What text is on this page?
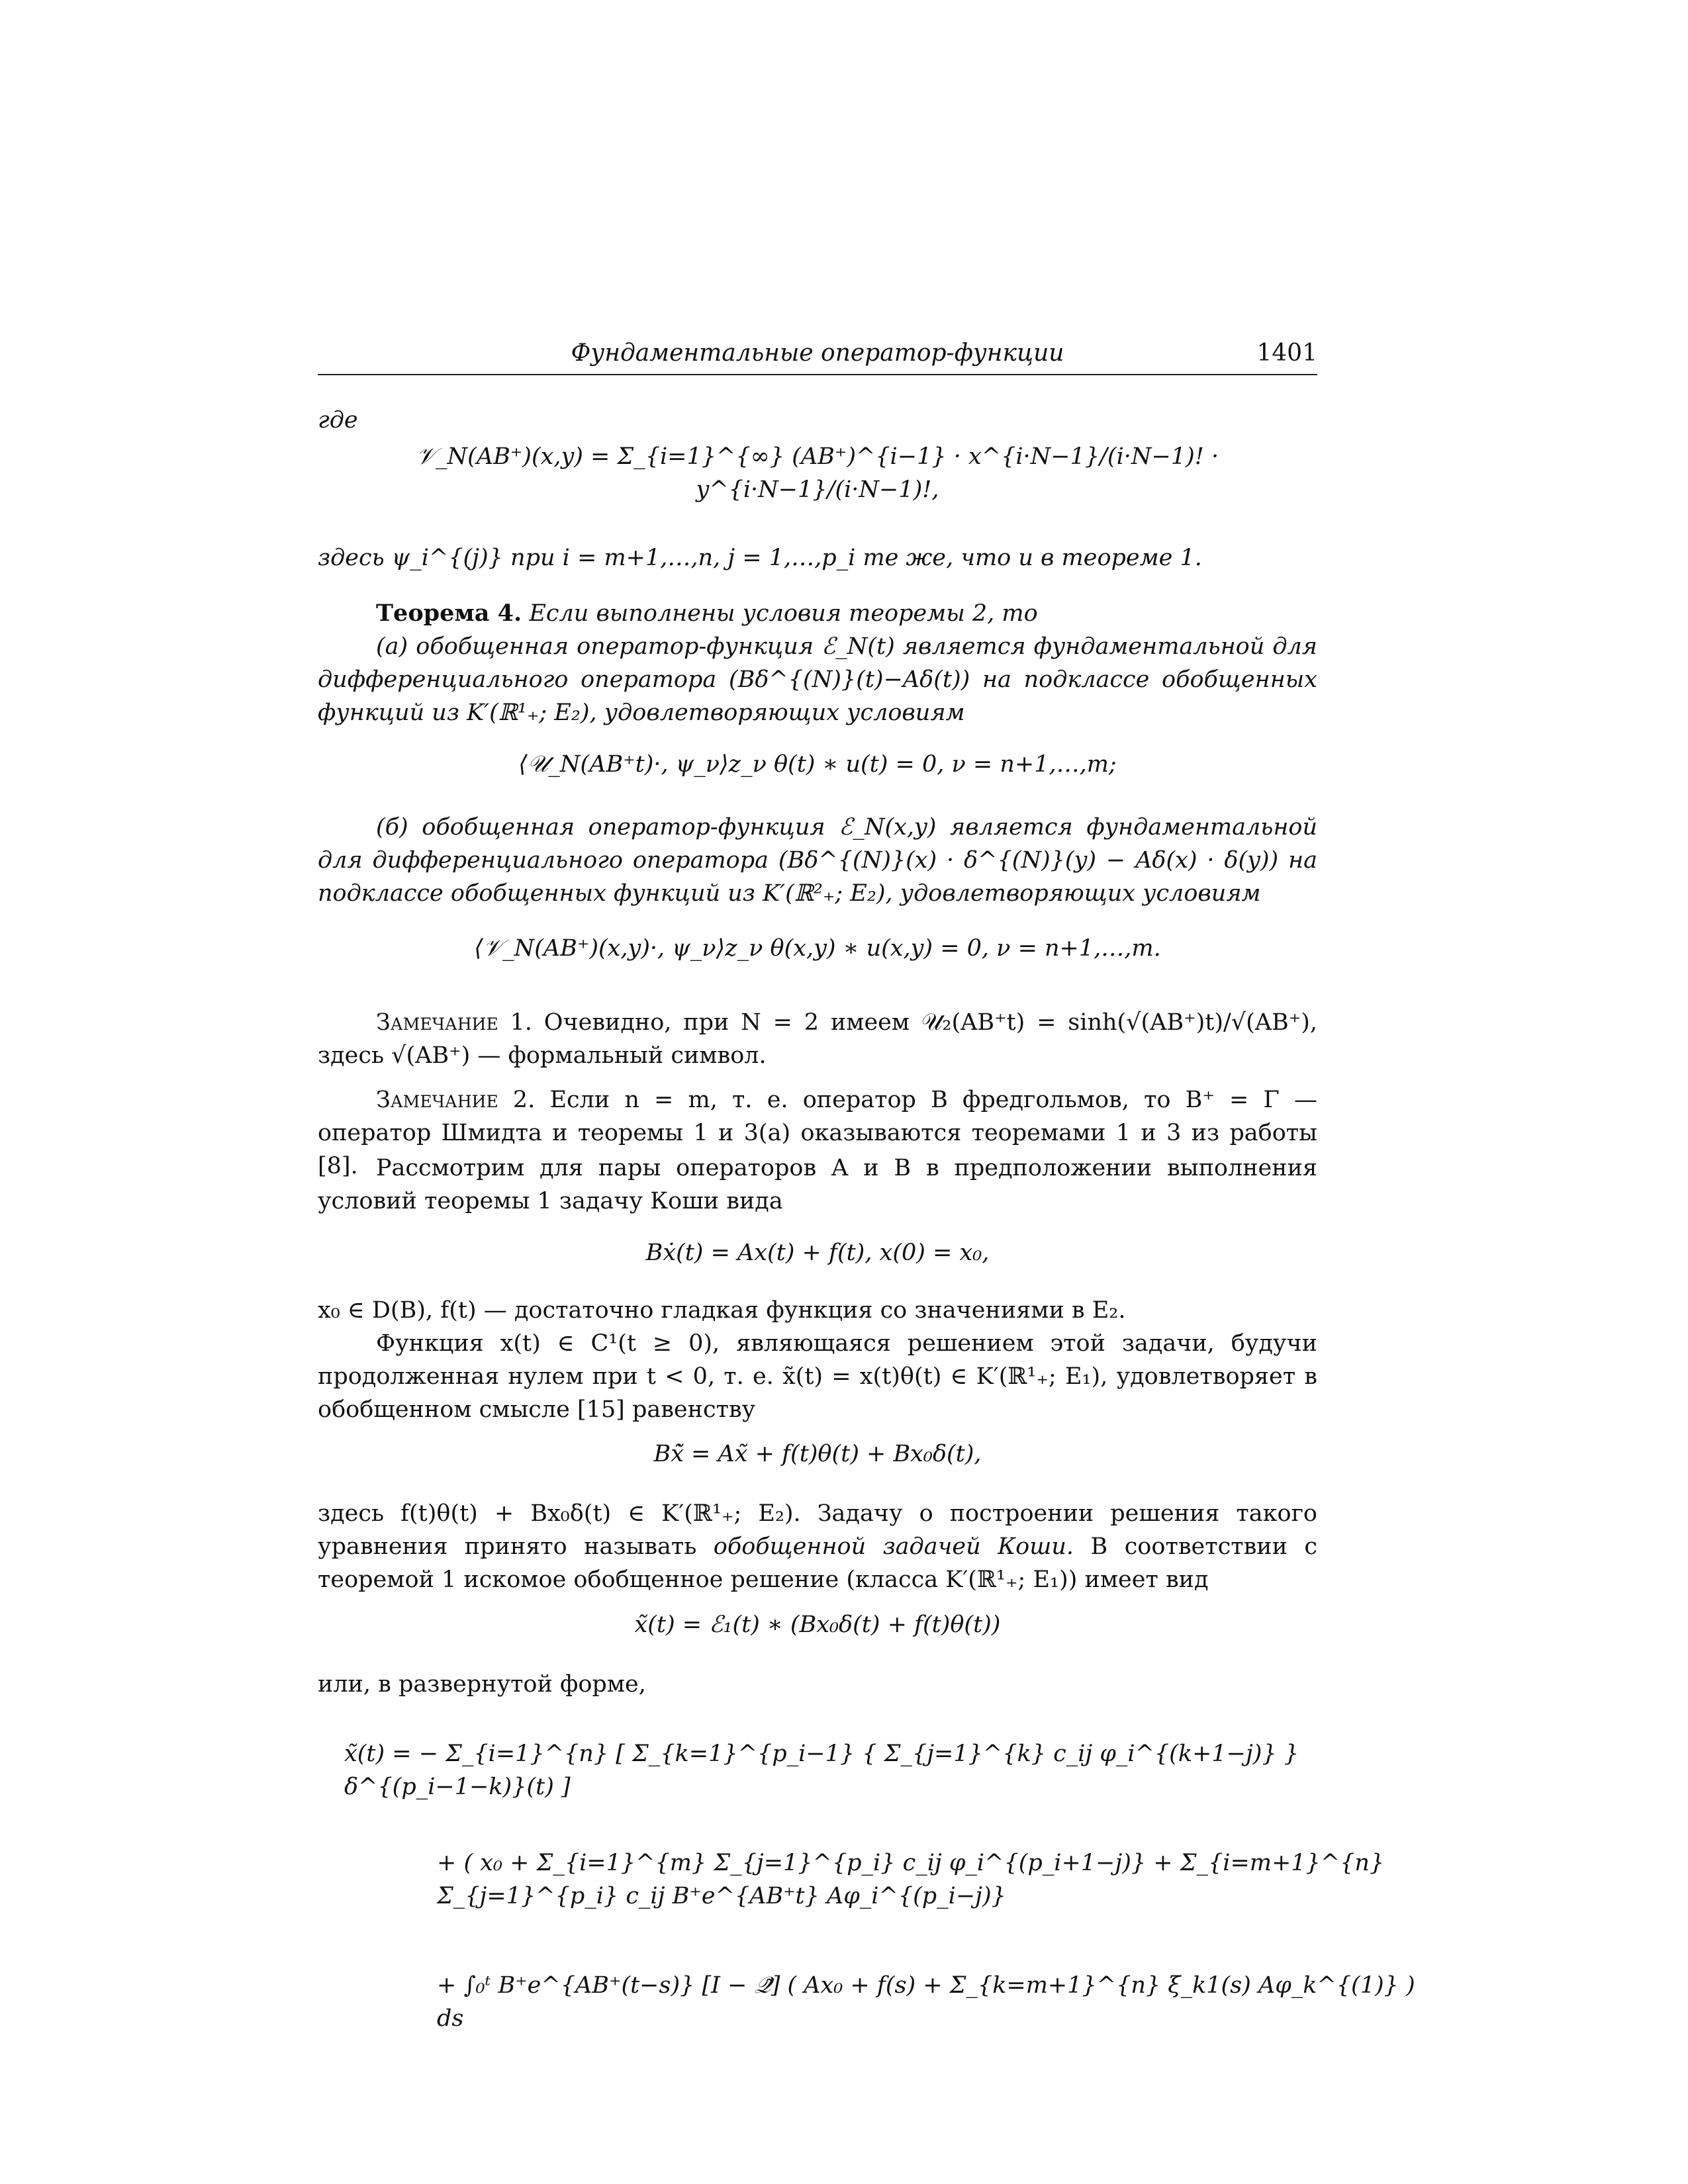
Фундаментальные оператор-функции	1401
где
𝒱_N(AB⁺)(x,y) = Σ_{i=1}^{∞} (AB⁺)^{i−1} · x^{i·N−1}/(i·N−1)! · y^{i·N−1}/(i·N−1)!,
здесь ψ_i^{(j)} при i = m+1,…,n, j = 1,…,p_i те же, что и в теореме 1.
Теорема 4. Если выполнены условия теоремы 2, то
(а) обобщенная оператор-функция ℰ_N(t) является фундаментальной для дифференциального оператора (Bδ^{(N)}(t)−Aδ(t)) на подклассе обобщенных функций из K′(ℝ¹₊; E₂), удовлетворяющих условиям
⟨𝒰_N(AB⁺t)·, ψ_ν⟩z_ν θ(t) ∗ u(t) = 0, ν = n+1,…,m;
(б) обобщенная оператор-функция ℰ_N(x,y) является фундаментальной для дифференциального оператора (Bδ^{(N)}(x) · δ^{(N)}(y) − Aδ(x) · δ(y)) на подклассе обобщенных функций из K′(ℝ²₊; E₂), удовлетворяющих условиям
⟨𝒱_N(AB⁺)(x,y)·, ψ_ν⟩z_ν θ(x,y) ∗ u(x,y) = 0, ν = n+1,…,m.
Замечание 1. Очевидно, при N = 2 имеем 𝒰₂(AB⁺t) = sinh(√(AB⁺)t)/√(AB⁺), здесь √(AB⁺) — формальный символ.
Замечание 2. Если n = m, т. е. оператор B фредгольмов, то B⁺ = Γ — оператор Шмидта и теоремы 1 и 3(а) оказываются теоремами 1 и 3 из работы [8]. Рассмотрим для пары операторов A и B в предположении выполнения условий теоремы 1 задачу Коши вида
Bẋ(t) = Ax(t) + f(t), x(0) = x₀,
x₀ ∈ D(B), f(t) — достаточно гладкая функция со значениями в E₂.
Функция x(t) ∈ C¹(t ≥ 0), являющаяся решением этой задачи, будучи продолженная нулем при t < 0, т. е. x̃(t) = x(t)θ(t) ∈ K′(ℝ¹₊; E₁), удовлетворяет в обобщенном смысле [15] равенству
Bx̃̇ = Ax̃ + f(t)θ(t) + Bx₀δ(t),
здесь f(t)θ(t) + Bx₀δ(t) ∈ K′(ℝ¹₊; E₂). Задачу о построении решения такого уравнения принято называть обобщенной задачей Коши. В соответствии с теоремой 1 искомое обобщенное решение (класса K′(ℝ¹₊; E₁)) имеет вид
x̃(t) = ℰ₁(t) ∗ (Bx₀δ(t) + f(t)θ(t))
или, в развернутой форме,
x̃(t) = − Σ_{i=1}^{n} [ Σ_{k=1}^{p_i−1} { Σ_{j=1}^{k} c_ij φ_i^{(k+1−j)} } δ^{(p_i−1−k)}(t) ]
+ ( x₀ + Σ_{i=1}^{m} Σ_{j=1}^{p_i} c_ij φ_i^{(p_i+1−j)} + Σ_{i=m+1}^{n} Σ_{j=1}^{p_i} c_ij B⁺e^{AB⁺t} Aφ_i^{(p_i−j)}
+ ∫₀ᵗ B⁺e^{AB⁺(t−s)} [I − 𝒬̃] ( Ax₀ + f(s) + Σ_{k=m+1}^{n} ξ_k1(s) Aφ_k^{(1)} ) ds
